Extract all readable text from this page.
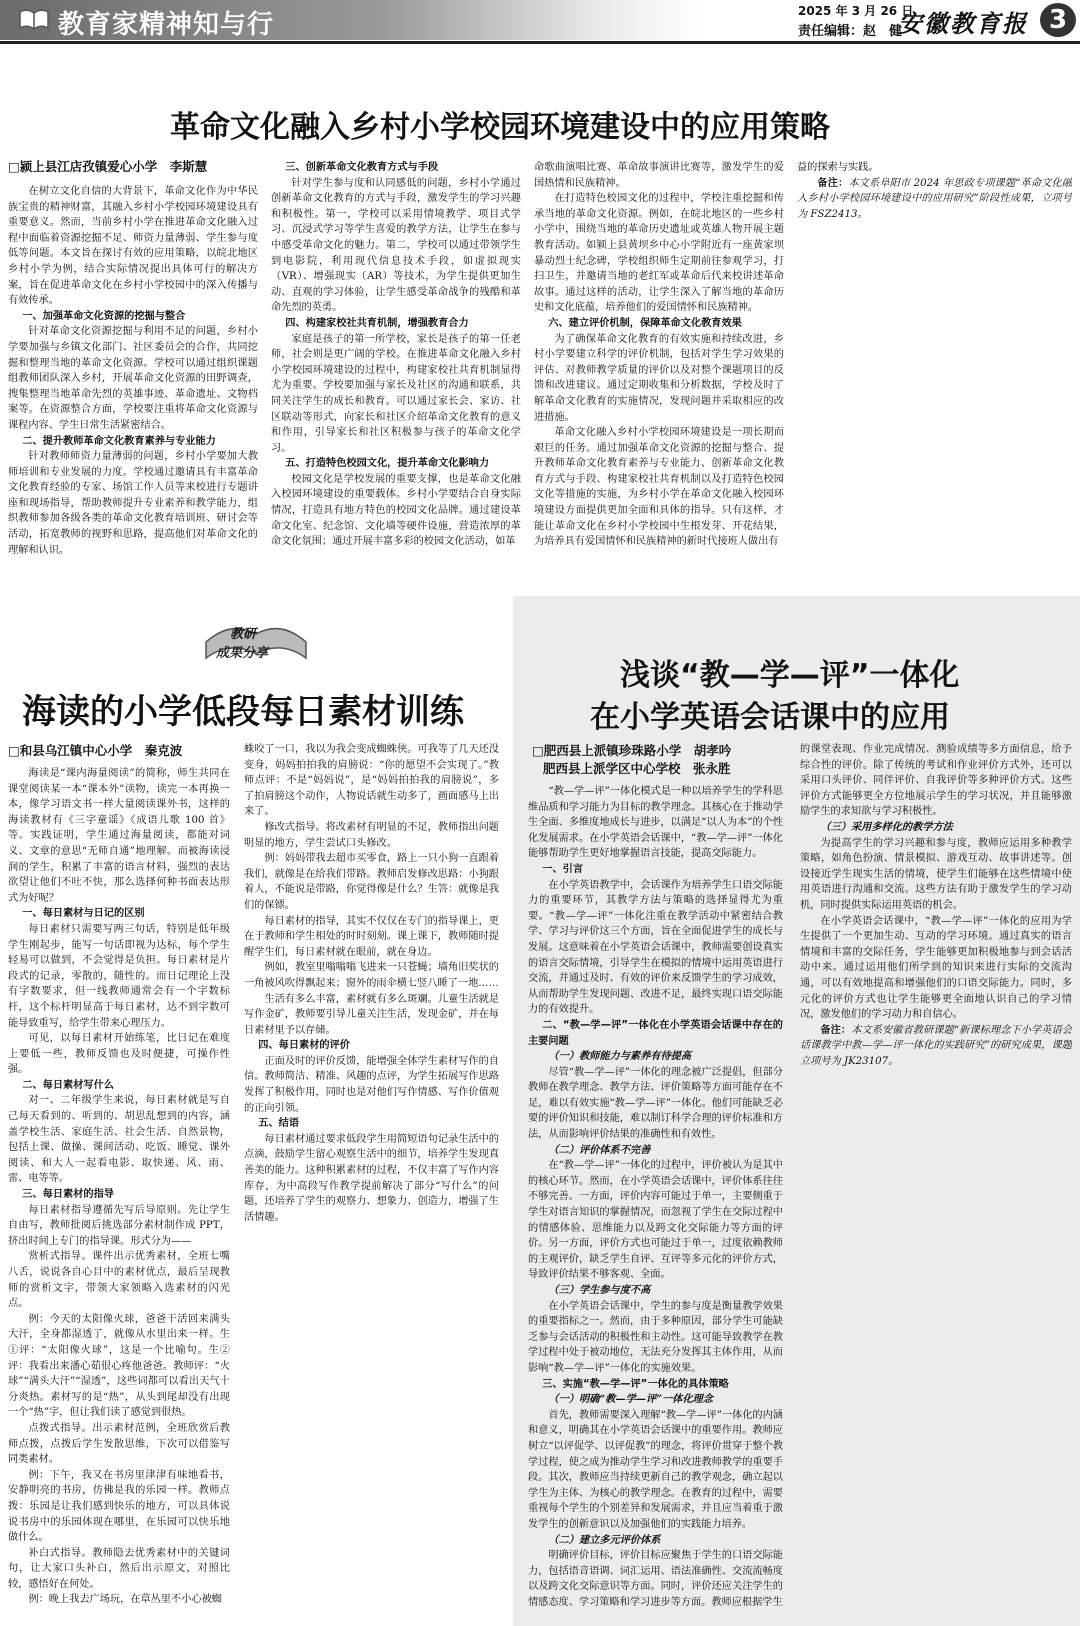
教育家精神知与行	2025 年 3 月 26 日
责任编辑：赵　健
安徽教育报 3
革命文化融入乡村小学校园环境建设中的应用策略
□颍上县江店孜镇爱心小学　李斯慧

在树立文化自信的大背景下，革命文化作为中华民族宝贵的精神财富，其融入乡村小学校园环境建设具有重要意义。然而，当前乡村小学在推进革命文化融入过程中面临着资源挖掘不足、师资力量薄弱、学生参与度低等问题。本文旨在探讨有效的应用策略，以皖北地区乡村小学为例，结合实际情况提出具体可行的解决方案，旨在促进革命文化在乡村小学校园中的深入传播与有效传承。

一、加强革命文化资源的挖掘与整合

针对革命文化资源挖掘与利用不足的问题，乡村小学要加强与乡镇文化部门、社区委员会的合作，共同挖掘和整理当地的革命文化资源。学校可以通过组织课题组教师团队深入乡村，开展革命文化资源的田野调查，搜集整理当地革命先烈的英雄事迹、革命遗址、文物档案等。在资源整合方面，学校要注重将革命文化资源与课程内容、学生日常生活紧密结合。

二、提升教师革命文化教育素养与专业能力

针对教师师资力量薄弱的问题，乡村小学要加大教师培训和专业发展的力度。学校通过邀请具有丰富革命文化教育经验的专家、场馆工作人员等来校进行专题讲座和现场指导，帮助教师提升专业素养和教学能力，组织教师参加各级各类的革命文化教育培训班、研讨会等活动，拓宽教师的视野和思路，提高他们对革命文化的理解和认识。

三、创新革命文化教育方式与手段

针对学生参与度和认同感低的问题，乡村小学通过创新革命文化教育的方式与手段，激发学生的学习兴趣和积极性。第一，学校可以采用情境教学、项目式学习、沉浸式学习等学生喜爱的教学方法，让学生在参与中感受革命文化的魅力。第二，学校可以通过带领学生到电影院，利用现代信息技术手段，如虚拟现实（VR）、增强现实（AR）等技术，为学生提供更加生动、直观的学习体验，让学生感受革命战争的残酷和革命先烈的英勇。

四、构建家校社共育机制，增强教育合力

家庭是孩子的第一所学校，家长是孩子的第一任老师，社会则是更广阔的学校。在推进革命文化融入乡村小学校园环境建设的过程中，构建家校社共育机制显得尤为重要。学校要加强与家长及社区的沟通和联系，共同关注学生的成长和教育。可以通过家长会、家访、社区联动等形式，向家长和社区介绍革命文化教育的意义和作用，引导家长和社区积极参与孩子的革命文化学习。

五、打造特色校园文化，提升革命文化影响力

校园文化是学校发展的重要支撑，也是革命文化融入校园环境建设的重要载体。乡村小学要结合自身实际情况，打造具有地方特色的校园文化品牌。通过建设革命文化室、纪念馆、文化墙等硬件设施，营造浓厚的革命文化氛围；通过开展丰富多彩的校园文化活动，如革

命歌曲演唱比赛、革命故事演讲比赛等，激发学生的爱国热情和民族精神。

在打造特色校园文化的过程中，学校注重挖掘和传承当地的革命文化资源。例如，在皖北地区的一些乡村小学中，围绕当地的革命历史遗址或英雄人物开展主题教育活动。如颍上县黄坝乡中心小学附近有一座黄家坝暴动烈士纪念碑，学校组织师生定期前往参观学习，打扫卫生，并邀请当地的老红军或革命后代来校讲述革命故事。通过这样的活动，让学生深入了解当地的革命历史和文化底蕴，培养他们的爱国情怀和民族精神。

六、建立评价机制，保障革命文化教育效果

为了确保革命文化教育的有效实施和持续改进，乡村小学要建立科学的评价机制，包括对学生学习效果的评估、对教师教学质量的评价以及对整个课题项目的反馈和改进建议。通过定期收集和分析数据，学校及时了解革命文化教育的实施情况，发现问题并采取相应的改进措施。

革命文化融入乡村小学校园环境建设是一项长期而艰巨的任务。通过加强革命文化资源的挖掘与整合、提升教师革命文化教育素养与专业能力、创新革命文化教育方式与手段、构建家校社共育机制以及打造特色校园文化等措施的实施，为乡村小学在革命文化融入校园环境建设方面提供更加全面和具体的指导。只有这样，才能让革命文化在乡村小学校园中生根发芽、开花结果，为培养具有爱国情怀和民族精神的新时代接班人做出有

益的探索与实践。

备注：本文系阜阳市 2024 年思政专项课题“革命文化融入乡村小学校园环境建设中的应用研究”阶段性成果，立项号为 FSZ2413。

教研
成果分享
海读的小学低段每日素材训练
□和县乌江镇中心小学　秦克波

海读是“课内海量阅读”的简称，师生共同在课堂阅读某一本“课本外”读物，读完一本再换一本，像学习语文书一样大量阅读课外书，这样的海读教材有《三字童谣》《成语儿歌 100 首》等。实践证明，学生通过海量阅读，都能对词义、文章的意思“无师自通”地理解。而被海读浸润的学生，积累了丰富的语言材料，强烈的表达欲望让他们不吐不快，那么选择何种书面表达形式为好呢？

一、每日素材与日记的区别

每日素材只需要写两三句话，特别是低年级学生刚起步，能写一句话即视为达标，每个学生轻易可以做到，不会觉得是负担。每日素材是片段式的记录，零散的，随性的。而日记理论上没有字数要求，但一线教师通常会有一个字数标杆，这个标杆明显高于每日素材，达不到字数可能导致重写，给学生带来心理压力。

可见，以每日素材开始练笔，比日记在难度上要低一些，教师反馈也及时便捷，可操作性强。

二、每日素材写什么

对一、二年级学生来说，每日素材就是写自己每天看到的、听到的、胡思乱想到的内容，涵盖学校生活、家庭生活、社会生活、自然景物，包括上课、做操、课间活动、吃饭、睡觉、课外阅读、和大人一起看电影、取快递、风、雨、雷、电等等。

三、每日素材的指导

每日素材指导遵循先写后导原则。先让学生自由写，教师批阅后挑选部分素材制作成 PPT，挤出时间上专门的指导课。形式分为——

赏析式指导。课件出示优秀素材，全班七嘴八舌，说说各自心目中的素材优点，最后呈现教师的赏析文字，带领大家领略入选素材的闪光点。

例：今天的太阳像火球，爸爸干活回来满头大汗，全身都湿透了，就像从水里出来一样。生①评：“太阳像火球”，这是一个比喻句。生②评：我看出来潘心茹很心疼他爸爸。教师评：“火球”“满头大汗”“湿透”，这些词都可以看出天气十分炎热。素材写的是“热”，从头到尾却没有出现一个“热”字，但让我们读了感觉到很热。

点拨式指导。出示素材范例，全班欣赏后教师点拨，点拨后学生发散思维，下次可以借鉴写同类素材。

例：下午，我又在书房里津津有味地看书，安静明亮的书房，仿佛是我的乐园一样。教师点拨：乐园是让我们感到快乐的地方，可以具体说说书房中的乐园体现在哪里，在乐园可以快乐地做什么。

补白式指导。教师隐去优秀素材中的关键词句，让大家口头补白，然后出示原文，对照比较，感悟好在何处。

例：晚上我去广场玩，在草丛里不小心被蜘

蛛咬了一口，我以为我会变成蜘蛛侠。可我等了几天还没变身，妈妈拍拍我的肩膀说：“你的愿望不会实现了。”教师点评：不是“妈妈说”，是“妈妈拍拍我的肩膀说”，多了拍肩膀这个动作，人物说话就生动多了，画面感马上出来了。

修改式指导。将改素材有明显的不足，教师指出问题明显的地方，学生尝试口头修改。

例：妈妈带我去超市买零食，路上一只小狗一直跟着我们，就像是在给我们带路。教师启发修改思路：小狗跟着人，不能说是带路，你觉得像是什么？生答：就像是我们的保镖。

每日素材的指导，其实不仅仅在专门的指导课上，更在于教师和学生相处的时时刻刻。课上课下，教师随时提醒学生们，每日素材就在眼前，就在身边。

例如，教室里嗡嗡嗡飞进来一只苍蝇；墙角旧奖状的一角被风吹得飘起来；窗外的雨伞横七竖八睡了一地……

生活有多么丰富，素材就有多么斑斓。儿童生活就是写作金矿，教师要引导儿童关注生活，发现金矿，并在每日素材里予以存储。

四、每日素材的评价

正面及时的评价反馈，能增强全体学生素材写作的自信。教师简洁、精准、风趣的点评，为学生拓展写作思路发挥了积极作用，同时也是对他们写作情感、写作价值观的正向引领。

五、结语

每日素材通过要求低段学生用简短语句记录生活中的点滴，鼓励学生留心观察生活中的细节，培养学生发现真善美的能力。这种积累素材的过程，不仅丰富了写作内容库存，为中高段写作教学提前解决了部分“写什么”的问题，还培养了学生的观察力、想象力、创造力，增强了生活情趣。

浅谈“教—学—评”一体化
在小学英语会话课中的应用
□肥西县上派镇珍珠路小学　胡孝吟
肥西县上派学区中心学校　张永胜

“教—学—评”一体化模式是一种以培养学生的学科思维品质和学习能力为目标的教学理念。其核心在于推动学生全面、多维度地成长与进步，以满足“以人为本”的个性化发展需求。在小学英语会话课中，“教—学—评”一体化能够帮助学生更好地掌握语言技能，提高交际能力。

一、引言

在小学英语教学中，会话课作为培养学生口语交际能力的重要环节，其教学方法与策略的选择显得尤为重要。“教—学—评”一体化注重在教学活动中紧密结合教学、学习与评价这三个方面，旨在全面促进学生的成长与发展。这意味着在小学英语会话课中，教师需要创设真实的语言交际情境，引导学生在模拟的情境中运用英语进行交流，并通过及时、有效的评价来反馈学生的学习成效，从而帮助学生发现问题、改进不足，最终实现口语交际能力的有效提升。

二、“教—学—评”一体化在小学英语会话课中存在的主要问题

（一）教师能力与素养有待提高

尽管“教—学—评”一体化的理念被广泛提倡，但部分教师在教学理念、教学方法、评价策略等方面可能存在不足，难以有效实施“教—学—评”一体化。他们可能缺乏必要的评价知识和技能，难以制订科学合理的评价标准和方法，从而影响评价结果的准确性和有效性。

（二）评价体系不完善

在“教—学—评”一体化的过程中，评价被认为是其中的核心环节。然而，在小学英语会话课中，评价体系往往不够完善。一方面，评价内容可能过于单一，主要侧重于学生对语言知识的掌握情况，而忽视了学生在交际过程中的情感体验、思维能力以及跨文化交际能力等方面的评价。另一方面，评价方式也可能过于单一，过度依赖教师的主观评价，缺乏学生自评、互评等多元化的评价方式，导致评价结果不够客观、全面。

（三）学生参与度不高

在小学英语会话课中，学生的参与度是衡量教学效果的重要指标之一。然而，由于多种原因，部分学生可能缺乏参与会话活动的积极性和主动性。这可能导致教学在教学过程中处于被动地位，无法充分发挥其主体作用，从而影响“教—学—评”一体化的实施效果。

三、实施“教—学—评”一体化的具体策略

（一）明确“教—学—评”一体化理念

首先，教师需要深入理解“教—学—评”一体化的内涵和意义，明确其在小学英语会话课中的重要作用。教师应树立“以评促学、以评促教”的理念，将评价贯穿于整个教学过程，使之成为推动学生学习和改进教师教学的重要手段。其次，教师应当持续更新自己的教学观念，确立起以学生为主体、为核心的教学理念。在教育的过程中，需要重视每个学生的个别差异和发展需求，并且应当着重于激发学生的创新意识以及加强他们的实践能力培养。

（二）建立多元评价体系

明确评价目标，评价目标应聚焦于学生的口语交际能力，包括语音语调、词汇运用、语法准确性、交流流畅度以及跨文化交际意识等方面。同时，评价还应关注学生的情感态度、学习策略和学习进步等方面。教师应根据学生

的课堂表现、作业完成情况、测验成绩等多方面信息，给予综合性的评价。除了传统的考试和作业评价方式外，还可以采用口头评价、同伴评价、自我评价等多种评价方式。这些评价方式能够更全方位地展示学生的学习状况，并且能够激励学生的求知欲与学习积极性。

（三）采用多样化的教学方法

为提高学生的学习兴趣和参与度，教师应运用多种教学策略，如角色扮演、情景模拟、游戏互动、故事讲述等。创设接近学生现实生活的情境，使学生们能够在这些情境中使用英语进行沟通和交流。这些方法有助于激发学生的学习动机，同时提供实际运用英语的机会。

在小学英语会话课中，“教—学—评”一体化的应用为学生提供了一个更加生动、互动的学习环境。通过真实的语言情境和丰富的交际任务，学生能够更加积极地参与到会话活动中来。通过运用他们所学到的知识来进行实际的交流沟通，可以有效地提高和增强他们的口语交际能力。同时，多元化的评价方式也让学生能够更全面地认识自己的学习情况，激发他们的学习动力和自信心。

备注：本文系安徽省教研课题“新课标理念下小学英语会话课教学中教—学—评一体化的实践研究”的研究成果，课题立项号为 JK23107。
